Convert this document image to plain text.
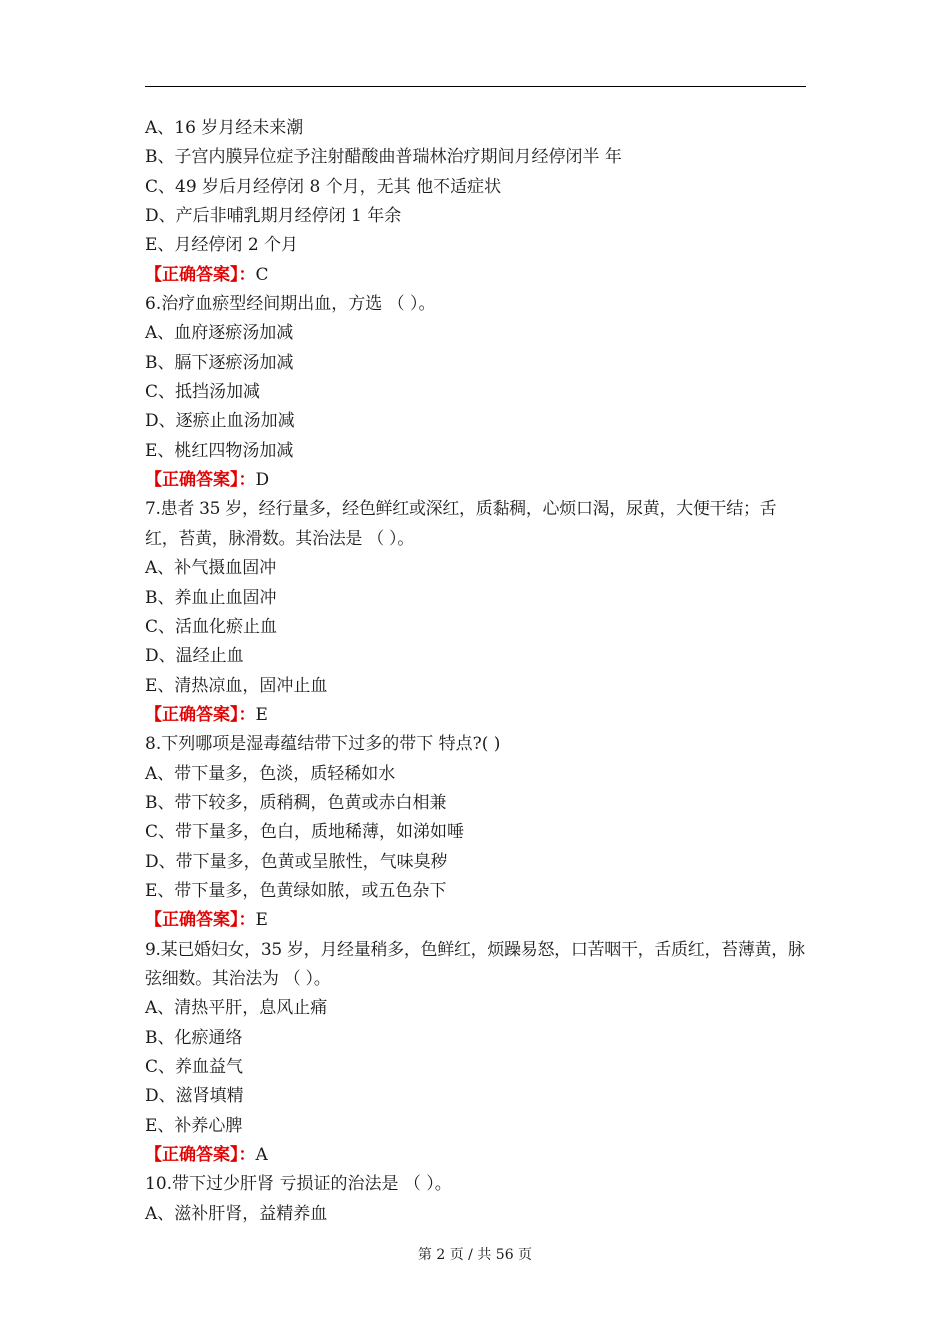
A、16 岁月经未来潮
B、子宫内膜异位症予注射醋酸曲普瑞林治疗期间月经停闭半 年
C、49 岁后月经停闭 8 个月，无其 他不适症状
D、产后非哺乳期月经停闭 1 年余
E、月经停闭 2 个月
【正确答案】：C
6.治疗血瘀型经间期出血，方选 （ ）。
A、血府逐瘀汤加减
B、膈下逐瘀汤加减
C、抵挡汤加减
D、逐瘀止血汤加减
E、桃红四物汤加减
【正确答案】：D
7.患者 35 岁，经行量多，经色鲜红或深红，质黏稠，心烦口渴，尿黄，大便干结；舌红，苔黄，脉滑数。其治法是 （ ）。
A、补气摄血固冲
B、养血止血固冲
C、活血化瘀止血
D、温经止血
E、清热凉血，固冲止血
【正确答案】：E
8.下列哪项是湿毒蕴结带下过多的带下 特点?( )
A、带下量多，色淡，质轻稀如水
B、带下较多，质稍稠，色黄或赤白相兼
C、带下量多，色白，质地稀薄，如涕如唾
D、带下量多，色黄或呈脓性，气味臭秽
E、带下量多，色黄绿如脓，或五色杂下
【正确答案】：E
9.某已婚妇女，35 岁，月经量稍多，色鲜红，烦躁易怒，口苦咽干，舌质红，苔薄黄，脉弦细数。其治法为 （ ）。
A、清热平肝，息风止痛
B、化瘀通络
C、养血益气
D、滋肾填精
E、补养心脾
【正确答案】：A
10.带下过少肝肾 亏损证的治法是 （ ）。
A、滋补肝肾，益精养血
第 2 页 / 共 56 页
